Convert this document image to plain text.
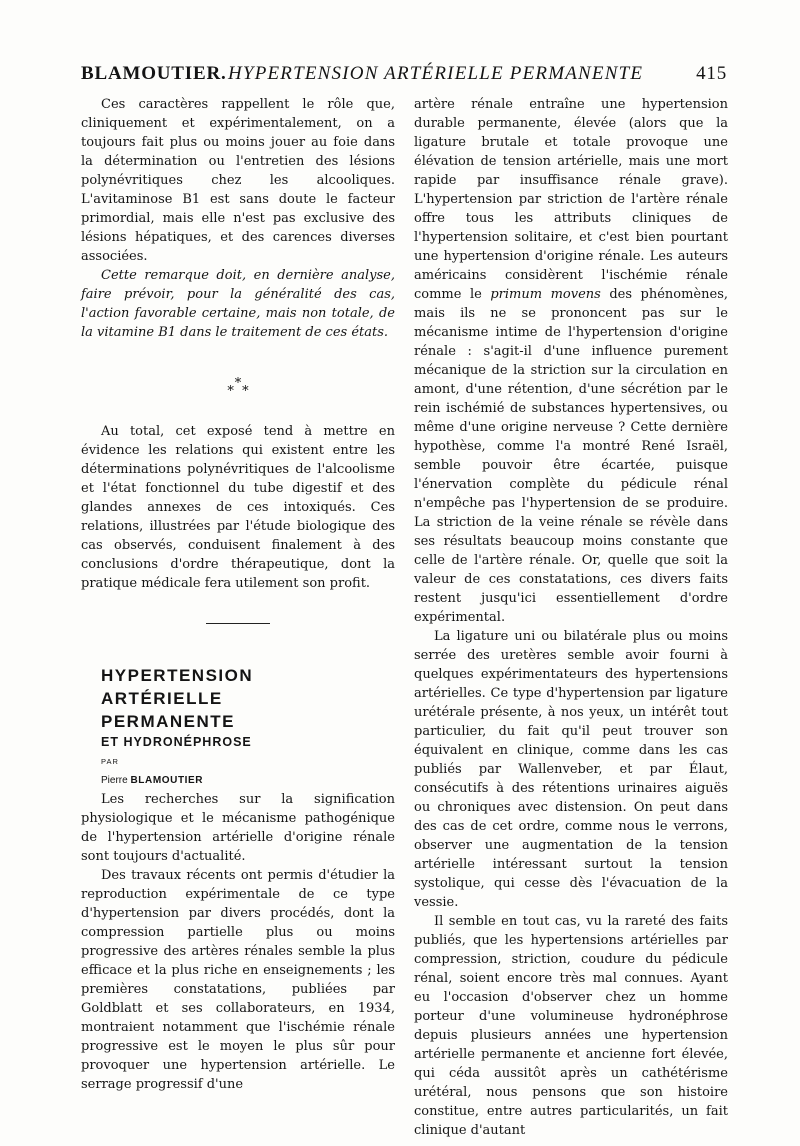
BLAMOUTIER. HYPERTENSION ARTÉRIELLE PERMANENTE	415

Ces caractères rappellent le rôle que, cliniquement et expérimentalement, on a toujours fait plus ou moins jouer au foie dans la détermination ou l'entretien des lésions polynévritiques chez les alcooliques. L'avitaminose B1 est sans doute le facteur primordial, mais elle n'est pas exclusive des lésions hépatiques, et des carences diverses associées.

Cette remarque doit, en dernière analyse, faire prévoir, pour la généralité des cas, l'action favorable certaine, mais non totale, de la vitamine B1 dans le traitement de ces états.

*
* *

Au total, cet exposé tend à mettre en évidence les relations qui existent entre les déterminations polynévritiques de l'alcoolisme et l'état fonctionnel du tube digestif et des glandes annexes de ces intoxiqués. Ces relations, illustrées par l'étude biologique des cas observés, conduisent finalement à des conclusions d'ordre thérapeutique, dont la pratique médicale fera utilement son profit.

HYPERTENSION

ARTÉRIELLE

PERMANENTE

ET HYDRONÉPHROSE

PAR

Pierre BLAMOUTIER

Les recherches sur la signification physiologique et le mécanisme pathogénique de l'hypertension artérielle d'origine rénale sont toujours d'actualité.

Des travaux récents ont permis d'étudier la reproduction expérimentale de ce type d'hypertension par divers procédés, dont la compression partielle plus ou moins progressive des artères rénales semble la plus efficace et la plus riche en enseignements ; les premières constatations, publiées par Goldblatt et ses collaborateurs, en 1934, montraient notamment que l'ischémie rénale progressive est le moyen le plus sûr pour provoquer une hypertension artérielle. Le serrage progressif d'une

artère rénale entraîne une hypertension durable permanente, élevée (alors que la ligature brutale et totale provoque une élévation de tension artérielle, mais une mort rapide par insuffisance rénale grave). L'hypertension par striction de l'artère rénale offre tous les attributs cliniques de l'hypertension solitaire, et c'est bien pourtant une hypertension d'origine rénale. Les auteurs américains considèrent l'ischémie rénale comme le primum movens des phénomènes, mais ils ne se prononcent pas sur le mécanisme intime de l'hypertension d'origine rénale : s'agit-il d'une influence purement mécanique de la striction sur la circulation en amont, d'une rétention, d'une sécrétion par le rein ischémié de substances hypertensives, ou même d'une origine nerveuse ? Cette dernière hypothèse, comme l'a montré René Israël, semble pouvoir être écartée, puisque l'énervation complète du pédicule rénal n'empêche pas l'hypertension de se produire. La striction de la veine rénale se révèle dans ses résultats beaucoup moins constante que celle de l'artère rénale. Or, quelle que soit la valeur de ces constatations, ces divers faits restent jusqu'ici essentiellement d'ordre expérimental.

La ligature uni ou bilatérale plus ou moins serrée des uretères semble avoir fourni à quelques expérimentateurs des hypertensions artérielles. Ce type d'hypertension par ligature urétérale présente, à nos yeux, un intérêt tout particulier, du fait qu'il peut trouver son équivalent en clinique, comme dans les cas publiés par Wallenveber, et par Élaut, consécutifs à des rétentions urinaires aiguës ou chroniques avec distension. On peut dans des cas de cet ordre, comme nous le verrons, observer une augmentation de la tension artérielle intéressant surtout la tension systolique, qui cesse dès l'évacuation de la vessie.

Il semble en tout cas, vu la rareté des faits publiés, que les hypertensions artérielles par compression, striction, coudure du pédicule rénal, soient encore très mal connues. Ayant eu l'occasion d'observer chez un homme porteur d'une volumineuse hydronéphrose depuis plusieurs années une hypertension artérielle permanente et ancienne fort élevée, qui céda aussitôt après un cathétérisme urétéral, nous pensons que son histoire constitue, entre autres particularités, un fait clinique d'autant
